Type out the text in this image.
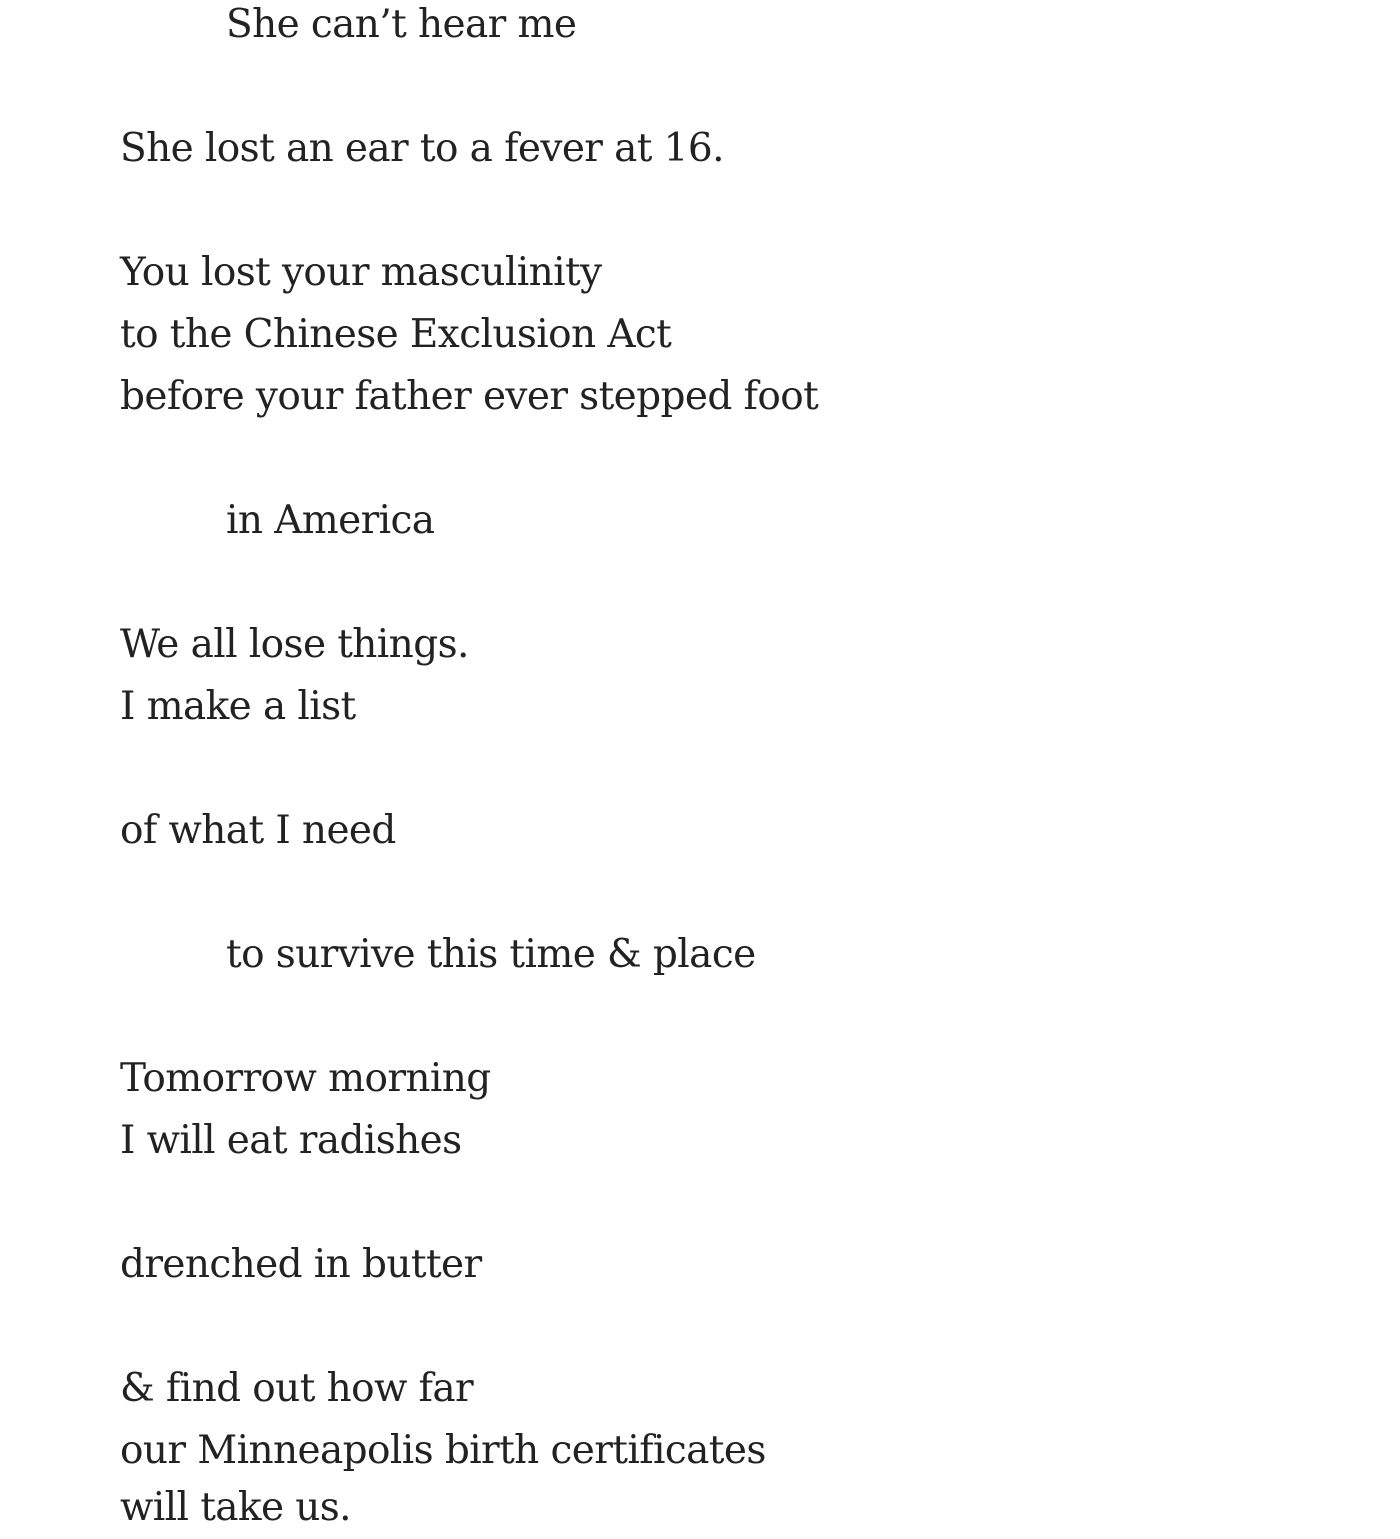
She can’t hear me
She lost an ear to a fever at 16.
You lost your masculinity
to the Chinese Exclusion Act
before your father ever stepped foot
in America
We all lose things.
I make a list
of what I need
to survive this time & place
Tomorrow morning
I will eat radishes
drenched in butter
& find out how far
our Minneapolis birth certificates
will take us.
